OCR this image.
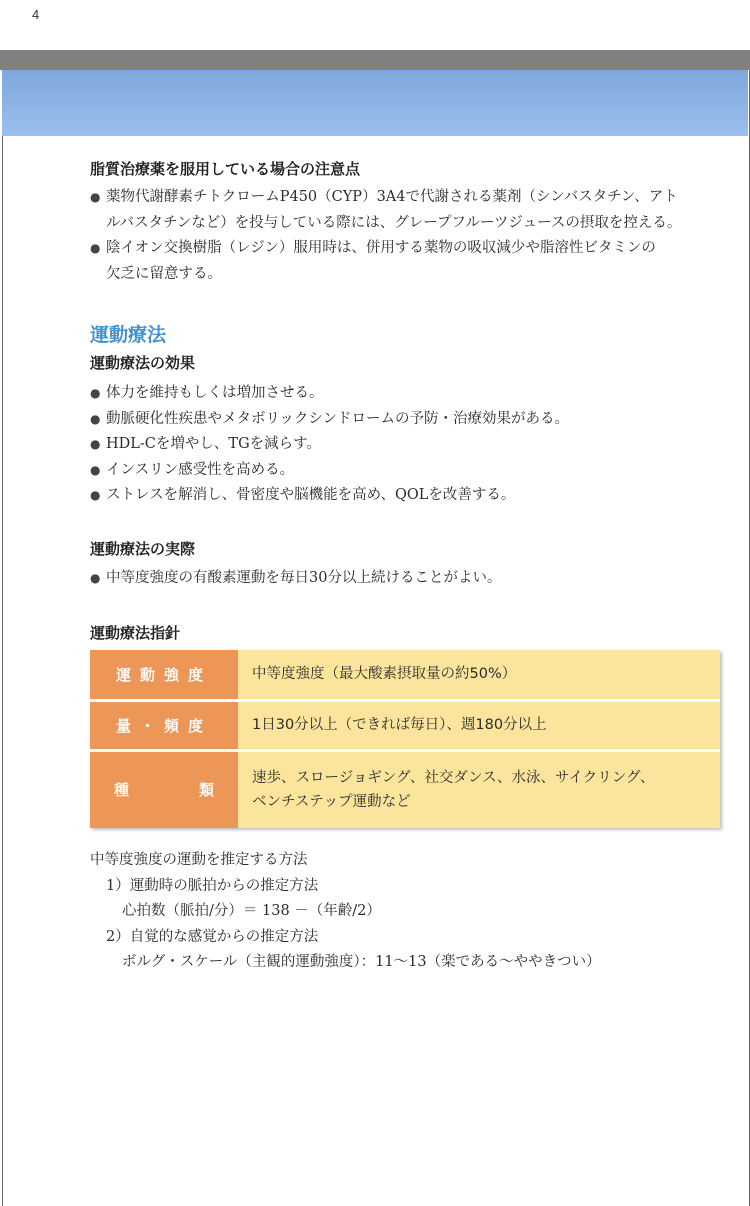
4
脂質治療薬を服用している場合の注意点
● 薬物代謝酵素チトクロームP450（CYP）3A4で代謝される薬剤（シンバスタチン、アト
ルバスタチンなど）を投与している際には、グレープフルーツジュースの摂取を控える。
● 陰イオン交換樹脂（レジン）服用時は、併用する薬物の吸収減少や脂溶性ビタミンの
欠乏に留意する。
運動療法
運動療法の効果
● 体力を維持もしくは増加させる。
● 動脈硬化性疾患やメタボリックシンドロームの予防・治療効果がある。
● HDL-Cを増やし、TGを減らす。
● インスリン感受性を高める。
● ストレスを解消し、骨密度や脳機能を高め、QOLを改善する。
運動療法の実際
● 中等度強度の有酸素運動を毎日30分以上続けることがよい。
運動療法指針
運動強度	中等度強度（最大酸素摂取量の約50%）
量・頻度	1日30分以上（できれば毎日）、週180分以上
種類	速歩、スロージョギング、社交ダンス、水泳、サイクリング、
ベンチステップ運動など
中等度強度の運動を推定する方法
1）運動時の脈拍からの推定方法
心拍数（脈拍/分）＝ 138 －（年齢/2）
2）自覚的な感覚からの推定方法
ボルグ・スケール（主観的運動強度）：11〜13（楽である〜ややきつい）
